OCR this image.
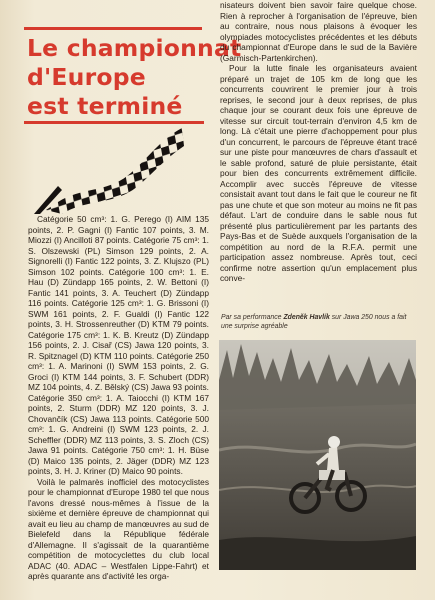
Le championnat
d'Europe
est terminé

Catégorie 50 cm³: 1. G. Perego (I) AIM 135 points, 2. P. Gagni (I) Fantic 107 points, 3. M. Miozzi (I) Ancilloti 87 points. Catégorie 75 cm³: 1. S. Olszewski (PL) Simson 129 points, 2. A. Signorelli (I) Fantic 122 points, 3. Z. Klujszo (PL) Simson 102 points. Catégorie 100 cm³: 1. E. Hau (D) Zündapp 165 points, 2. W. Bettoni (I) Fantic 141 points, 3. A. Teuchert (D) Zündapp 116 points. Catégorie 125 cm³: 1. G. Brissoni (I) SWM 161 points, 2. F. Gualdi (I) Fantic 122 points, 3. H. Strossenreuther (D) KTM 79 points. Catégorie 175 cm³: 1. K. B. Kreutz (D) Zündapp 156 points, 2. J. Cisař (CS) Jawa 120 points, 3. R. Spitznagel (D) KTM 110 points. Catégorie 250 cm³: 1. A. Marinoni (I) SWM 153 points, 2. G. Groci (I) KTM 144 points, 3. F. Schubert (DDR) MZ 104 points, 4. Z. Bělský (CS) Jawa 93 points. Catégorie 350 cm³: 1. A. Taiocchi (I) KTM 167 points, 2. Sturm (DDR) MZ 120 points, 3. J. Chovančík (CS) Jawa 113 points. Catégorie 500 cm³: 1. G. Andreini (I) SWM 123 points, 2. J. Scheffler (DDR) MZ 113 points, 3. S. Zloch (CS) Jawa 91 points. Catégorie 750 cm³: 1. H. Büse (D) Maico 135 points, 2. Jäger (DDR) MZ 123 points, 3. H. J. Kriner (D) Maico 90 points.

Voilà le palmarès inofficiel des motocyclistes pour le championnat d'Europe 1980 tel que nous l'avons dressé nous-mêmes à l'issue de la sixième et dernière épreuve de championnat qui avait eu lieu au champ de manœuvres au sud de Bielefeld dans la République fédérale d'Allemagne. Il s'agissait de la quarantième compétition de motocyclettes du club local ADAC (40. ADAC – Westfalen Lippe-Fahrt) et après quarante ans d'activité les orga-

nisateurs doivent bien savoir faire quelque chose. Rien à reprocher à l'organisation de l'épreuve, bien au contraire, nous nous plaisons à évoquer les olympiades motocyclistes précédentes et les débuts du championnat d'Europe dans le sud de la Bavière (Garmisch-Partenkirchen).

Pour la lutte finale les organisateurs avaient préparé un trajet de 105 km de long que les concurrents couvrirent le premier jour à trois reprises, le second jour à deux reprises, de plus chaque jour se courant deux fois une épreuve de vitesse sur circuit tout-terrain d'environ 4,5 km de long. Là c'était une pierre d'achoppement pour plus d'un concurrent, le parcours de l'épreuve étant tracé sur une piste pour manœuvres de chars d'assault et le sable profond, saturé de pluie persistante, était pour bien des concurrents extrêmement difficile. Accomplir avec succès l'épreuve de vitesse consistait avant tout dans le fait que le coureur ne fit pas une chute et que son moteur au moins ne fit pas défaut. L'art de conduire dans le sable nous fut présenté plus particulièrement par les partants des Pays-Bas et de Suède auxquels l'organisation de la compétition au nord de la R.F.A. permit une participation assez nombreuse. Après tout, ceci confirme notre assertion qu'un emplacement plus conve-

Par sa performance Zdeněk Havlík sur Jawa 250 nous a fait une surprise agréable
